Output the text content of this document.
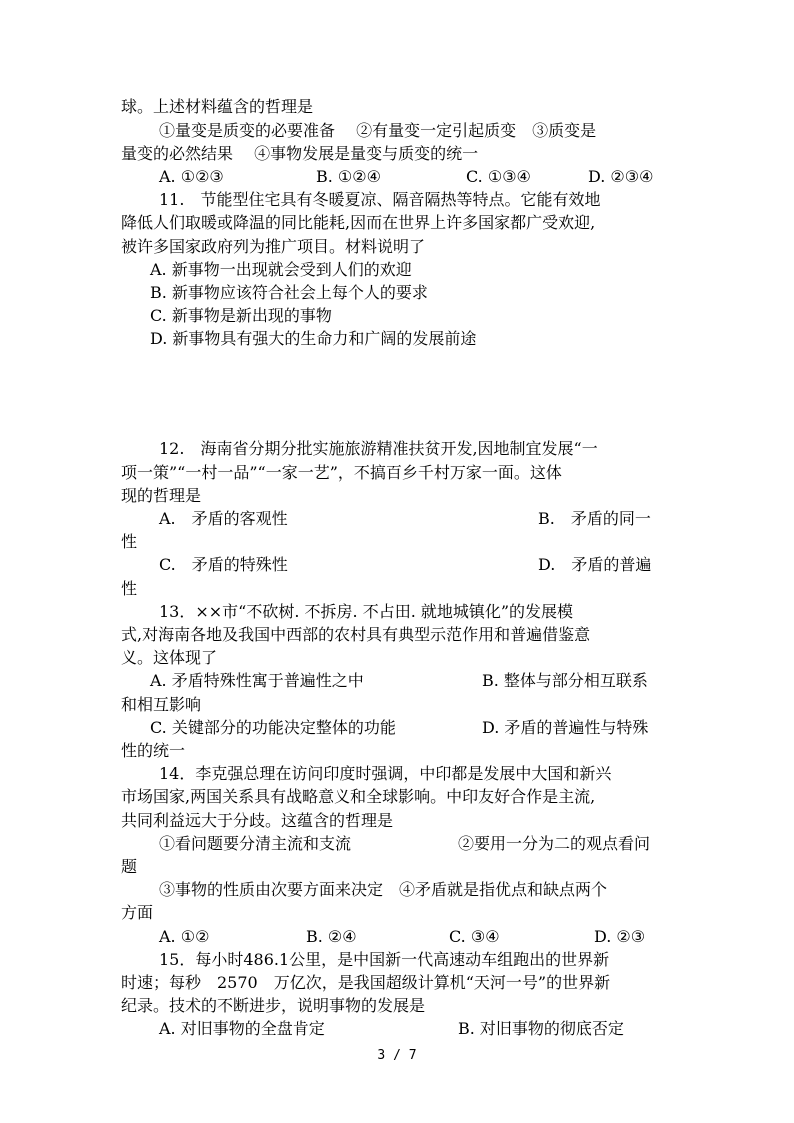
球。上述材料蕴含的哲理是
①量变是质变的必要准备　 ②有量变一定引起质变　③质变是
量变的必然结果　 ④事物发展是量变与质变的统一
A. ①②③	B. ①②④	C. ①③④	D. ②③④
11.　节能型住宅具有冬暖夏凉、隔音隔热等特点。它能有效地
降低人们取暖或降温的同比能耗,因而在世界上许多国家都广受欢迎,
被许多国家政府列为推广项目。材料说明了
A. 新事物一出现就会受到人们的欢迎
B. 新事物应该符合社会上每个人的要求
C. 新事物是新出现的事物
D. 新事物具有强大的生命力和广阔的发展前途
12.　海南省分期分批实施旅游精准扶贫开发,因地制宜发展“一
项一策”“一村一品”“一家一艺”，不搞百乡千村万家一面。这体
现的哲理是
A.　矛盾的客观性	B.　矛盾的同一
性
C.　矛盾的特殊性	D.　矛盾的普遍
性
13．××市“不砍树. 不拆房. 不占田. 就地城镇化”的发展模
式,对海南各地及我国中西部的农村具有典型示范作用和普遍借鉴意
义。这体现了
A. 矛盾特殊性寓于普遍性之中	B. 整体与部分相互联系
和相互影响
C. 关键部分的功能决定整体的功能	D. 矛盾的普遍性与特殊
性的统一
14．李克强总理在访问印度时强调，中印都是发展中大国和新兴
市场国家,两国关系具有战略意义和全球影响。中印友好合作是主流,
共同利益远大于分歧。这蕴含的哲理是
①看问题要分清主流和支流	②要用一分为二的观点看问
题
③事物的性质由次要方面来决定　④矛盾就是指优点和缺点两个
方面
A. ①②	B. ②④	C. ③④	D. ②③
15．每小时486.1公里，是中国新一代高速动车组跑出的世界新
时速；每秒　2570　万亿次，是我国超级计算机“天河一号”的世界新
纪录。技术的不断进步，说明事物的发展是
A. 对旧事物的全盘肯定	B. 对旧事物的彻底否定
3 / 7
